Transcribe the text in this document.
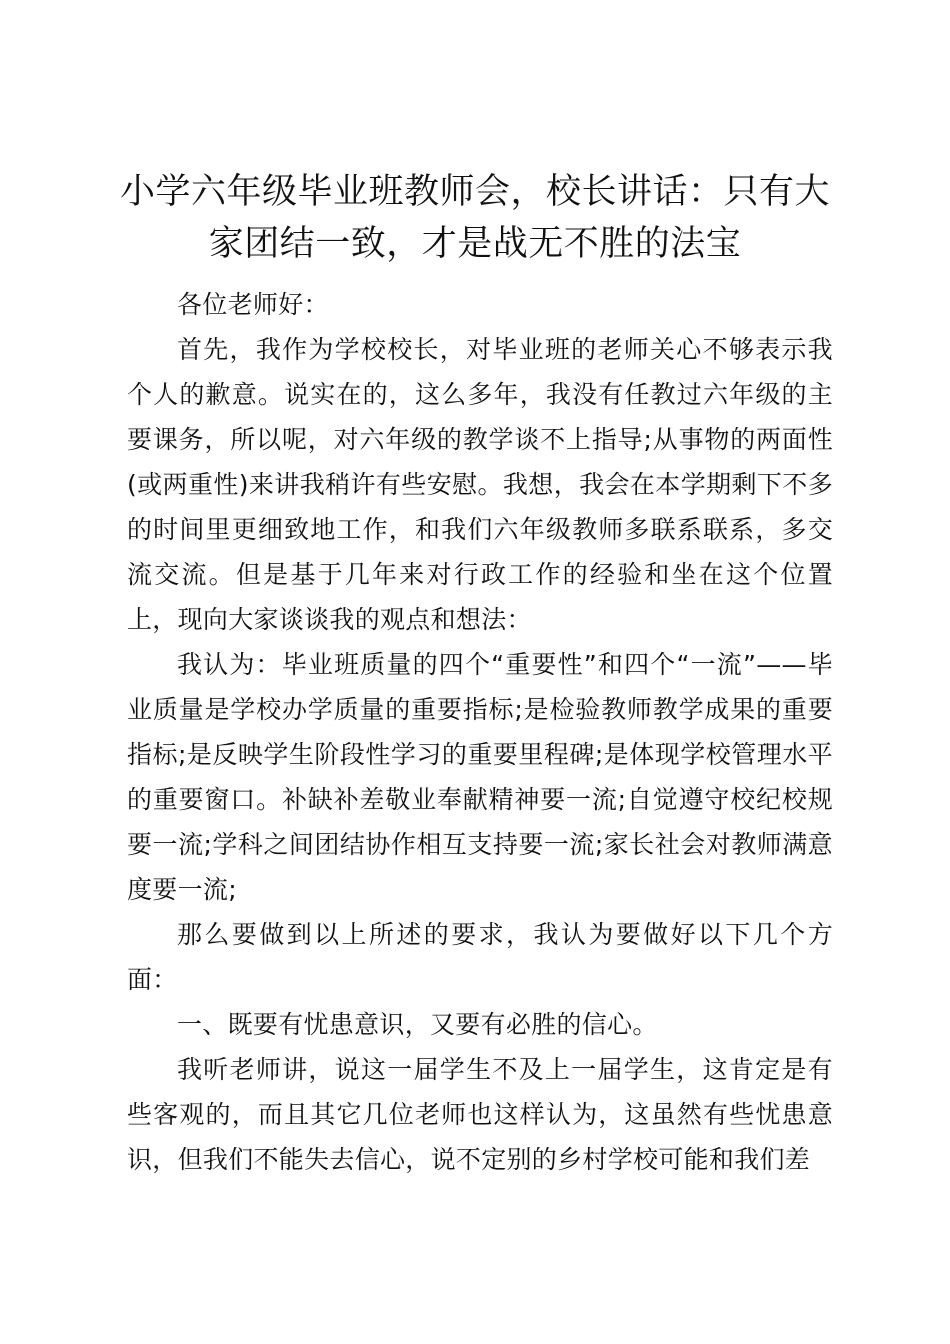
小学六年级毕业班教师会，校长讲话：只有大家团结一致，才是战无不胜的法宝

各位老师好：

首先，我作为学校校长，对毕业班的老师关心不够表示我个人的歉意。说实在的，这么多年，我没有任教过六年级的主要课务，所以呢，对六年级的教学谈不上指导;从事物的两面性(或两重性)来讲我稍许有些安慰。我想，我会在本学期剩下不多的时间里更细致地工作，和我们六年级教师多联系联系，多交流交流。但是基于几年来对行政工作的经验和坐在这个位置上，现向大家谈谈我的观点和想法：

我认为：毕业班质量的四个“重要性”和四个“一流”——毕业质量是学校办学质量的重要指标;是检验教师教学成果的重要指标;是反映学生阶段性学习的重要里程碑;是体现学校管理水平的重要窗口。补缺补差敬业奉献精神要一流;自觉遵守校纪校规要一流;学科之间团结协作相互支持要一流;家长社会对教师满意度要一流;

那么要做到以上所述的要求，我认为要做好以下几个方面：

一、既要有忧患意识，又要有必胜的信心。

我听老师讲，说这一届学生不及上一届学生，这肯定是有些客观的，而且其它几位老师也这样认为，这虽然有些忧患意识，但我们不能失去信心，说不定别的乡村学校可能和我们差
